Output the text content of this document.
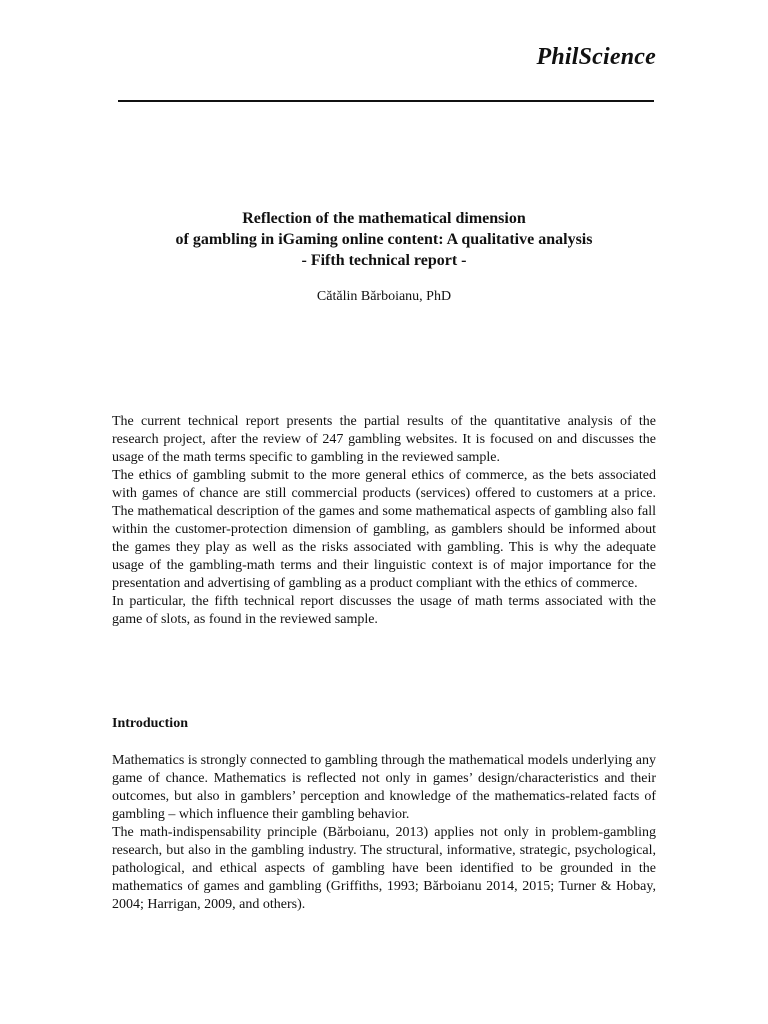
PhilScience
Reflection of the mathematical dimension
of gambling in iGaming online content: A qualitative analysis
- Fifth technical report -
Cătălin Bărboianu, PhD

The current technical report presents the partial results of the quantitative analysis of the research project, after the review of 247 gambling websites. It is focused on and discusses the usage of the math terms specific to gambling in the reviewed sample.

The ethics of gambling submit to the more general ethics of commerce, as the bets associated with games of chance are still commercial products (services) offered to customers at a price. The mathematical description of the games and some mathematical aspects of gambling also fall within the customer-protection dimension of gambling, as gamblers should be informed about the games they play as well as the risks associated with gambling. This is why the adequate usage of the gambling-math terms and their linguistic context is of major importance for the presentation and advertising of gambling as a product compliant with the ethics of commerce.

In particular, the fifth technical report discusses the usage of math terms associated with the game of slots, as found in the reviewed sample.

Introduction

Mathematics is strongly connected to gambling through the mathematical models underlying any game of chance. Mathematics is reflected not only in games’ design/characteristics and their outcomes, but also in gamblers’ perception and knowledge of the mathematics-related facts of gambling – which influence their gambling behavior.

The math-indispensability principle (Bărboianu, 2013) applies not only in problem-gambling research, but also in the gambling industry. The structural, informative, strategic, psychological, pathological, and ethical aspects of gambling have been identified to be grounded in the mathematics of games and gambling (Griffiths, 1993; Bărboianu 2014, 2015; Turner & Hobay, 2004; Harrigan, 2009, and others).
